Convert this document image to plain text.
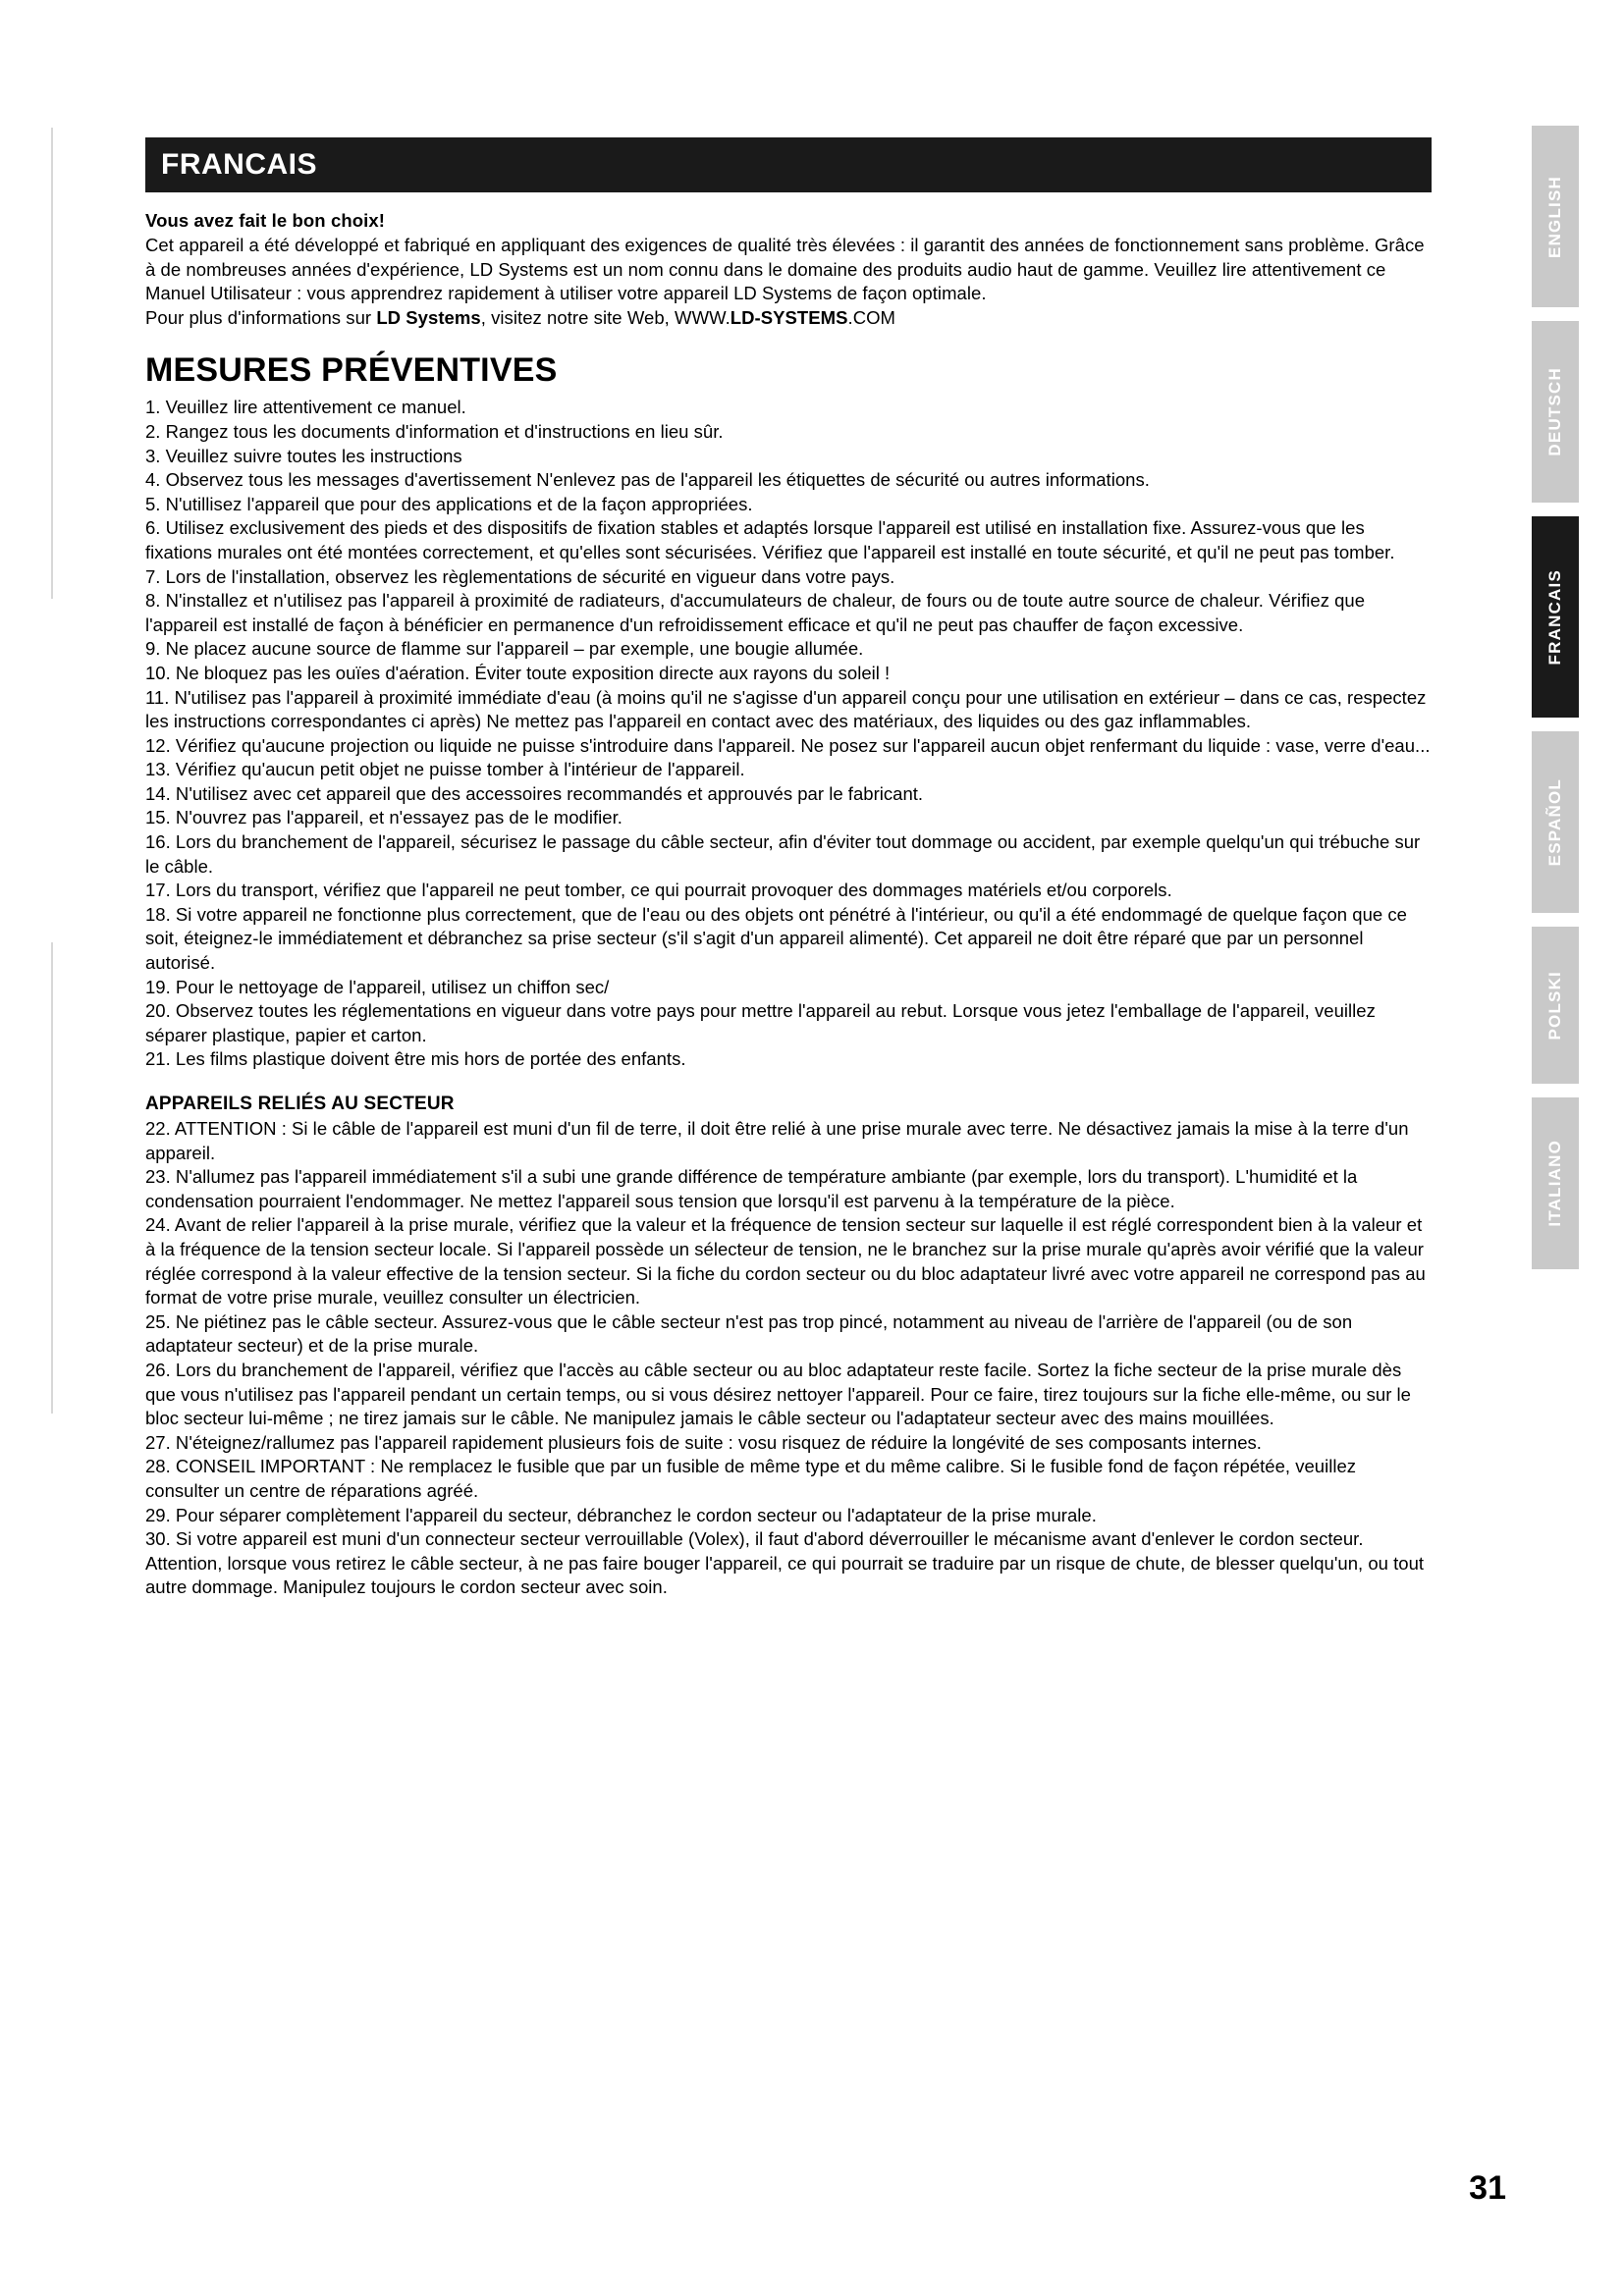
ENGLISH
DEUTSCH
FRANCAIS
ESPAÑOL
POLSKI
ITALIANO
FRANCAIS
Vous avez fait le bon choix!

Cet appareil a été développé et fabriqué en appliquant des exigences de qualité très élevées : il garantit des années de fonctionnement sans problème. Grâce à de nombreuses années d'expérience, LD Systems est un nom connu dans le domaine des produits audio haut de gamme. Veuillez lire attentivement ce Manuel Utilisateur : vous apprendrez rapidement à utiliser votre appareil LD Systems de façon optimale.

Pour plus d'informations sur LD Systems, visitez notre site Web, WWW.LD-SYSTEMS.COM

MESURES PRÉVENTIVES
1. Veuillez lire attentivement ce manuel.
2. Rangez tous les documents d'information et d'instructions en lieu sûr.
3. Veuillez suivre toutes les instructions
4. Observez tous les messages d'avertissement N'enlevez pas de l'appareil les étiquettes de sécurité ou autres informations.
5. N'utillisez l'appareil que pour des applications et de la façon appropriées.
6. Utilisez exclusivement des pieds et des dispositifs de fixation stables et adaptés lorsque l'appareil est utilisé en installation fixe. Assurez-vous que les fixations murales ont été montées correctement, et qu'elles sont sécurisées. Vérifiez que l'appareil est installé en toute sécurité, et qu'il ne peut pas tomber.
7. Lors de l'installation, observez les règlementations de sécurité en vigueur dans votre pays.
8. N'installez et n'utilisez pas l'appareil à proximité de radiateurs, d'accumulateurs de chaleur, de fours ou de toute autre source de chaleur. Vérifiez que l'appareil est installé de façon à bénéficier en permanence d'un refroidissement efficace et qu'il ne peut pas chauffer de façon excessive.
9. Ne placez aucune source de flamme sur l'appareil – par exemple, une bougie allumée.
10. Ne bloquez pas les ouïes d'aération. Éviter toute exposition directe aux rayons du soleil !
11. N'utilisez pas l'appareil à proximité immédiate d'eau (à moins qu'il ne s'agisse d'un appareil conçu pour une utilisation en extérieur – dans ce cas, respectez les instructions correspondantes ci après) Ne mettez pas l'appareil en contact avec des matériaux, des liquides ou des gaz inflammables.
12. Vérifiez qu'aucune projection ou liquide ne puisse s'introduire dans l'appareil. Ne posez sur l'appareil aucun objet renfermant du liquide : vase, verre d'eau...
13. Vérifiez qu'aucun petit objet ne puisse tomber à l'intérieur de l'appareil.
14. N'utilisez avec cet appareil que des accessoires recommandés et approuvés par le fabricant.
15. N'ouvrez pas l'appareil, et n'essayez pas de le modifier.
16. Lors du branchement de l'appareil, sécurisez le passage du câble secteur, afin d'éviter tout dommage ou accident, par exemple quelqu'un qui trébuche sur le câble.
17. Lors du transport, vérifiez que l'appareil ne peut tomber, ce qui pourrait provoquer des dommages matériels et/ou corporels.
18. Si votre appareil ne fonctionne plus correctement, que de l'eau ou des objets ont pénétré à l'intérieur, ou qu'il a été endommagé de quelque façon que ce soit, éteignez-le immédiatement et débranchez sa prise secteur (s'il s'agit d'un appareil alimenté). Cet appareil ne doit être réparé que par un personnel autorisé.
19. Pour le nettoyage de l'appareil, utilisez un chiffon sec/
20. Observez toutes les réglementations en vigueur dans votre pays pour mettre l'appareil au rebut. Lorsque vous jetez l'emballage de l'appareil, veuillez séparer plastique, papier et carton.
21. Les films plastique doivent être mis hors de portée des enfants.
APPAREILS RELIÉS AU SECTEUR
22. ATTENTION : Si le câble de l'appareil est muni d'un fil de terre, il doit être relié à une prise murale avec terre. Ne désactivez jamais la mise à la terre d'un appareil.
23. N'allumez pas l'appareil immédiatement s'il a subi une grande différence de température ambiante (par exemple, lors du transport). L'humidité et la condensation pourraient l'endommager. Ne mettez l'appareil sous tension que lorsqu'il est parvenu à la température de la pièce.
24. Avant de relier l'appareil à la prise murale, vérifiez que la valeur et la fréquence de tension secteur sur laquelle il est réglé correspondent bien à la valeur et à la fréquence de la tension secteur locale. Si l'appareil possède un sélecteur de tension, ne le branchez sur la prise murale qu'après avoir vérifié que la valeur réglée correspond à la valeur effective de la tension secteur. Si la fiche du cordon secteur ou du bloc adaptateur livré avec votre appareil ne correspond pas au format de votre prise murale, veuillez consulter un électricien.
25. Ne piétinez pas le câble secteur. Assurez-vous que le câble secteur n'est pas trop pincé, notamment au niveau de l'arrière de l'appareil (ou de son adaptateur secteur) et de la prise murale.
26. Lors du branchement de l'appareil, vérifiez que l'accès au câble secteur ou au bloc adaptateur reste facile. Sortez la fiche secteur de la prise murale dès que vous n'utilisez pas l'appareil pendant un certain temps, ou si vous désirez nettoyer l'appareil. Pour ce faire, tirez toujours sur la fiche elle-même, ou sur le bloc secteur lui-même ; ne tirez jamais sur le câble. Ne manipulez jamais le câble secteur ou l'adaptateur secteur avec des mains mouillées.
27. N'éteignez/rallumez pas l'appareil rapidement plusieurs fois de suite : vosu risquez de réduire la longévité de ses composants internes.
28. CONSEIL IMPORTANT : Ne remplacez le fusible que par un fusible de même type et du même calibre. Si le fusible fond de façon répétée, veuillez consulter un centre de réparations agréé.
29. Pour séparer complètement l'appareil du secteur, débranchez le cordon secteur ou l'adaptateur de la prise murale.
30. Si votre appareil est muni d'un connecteur secteur verrouillable (Volex), il faut d'abord déverrouiller le mécanisme avant d'enlever le cordon secteur. Attention, lorsque vous retirez le câble secteur, à ne pas faire bouger l'appareil, ce qui pourrait se traduire par un risque de chute, de blesser quelqu'un, ou tout autre dommage. Manipulez toujours le cordon secteur avec soin.
31
